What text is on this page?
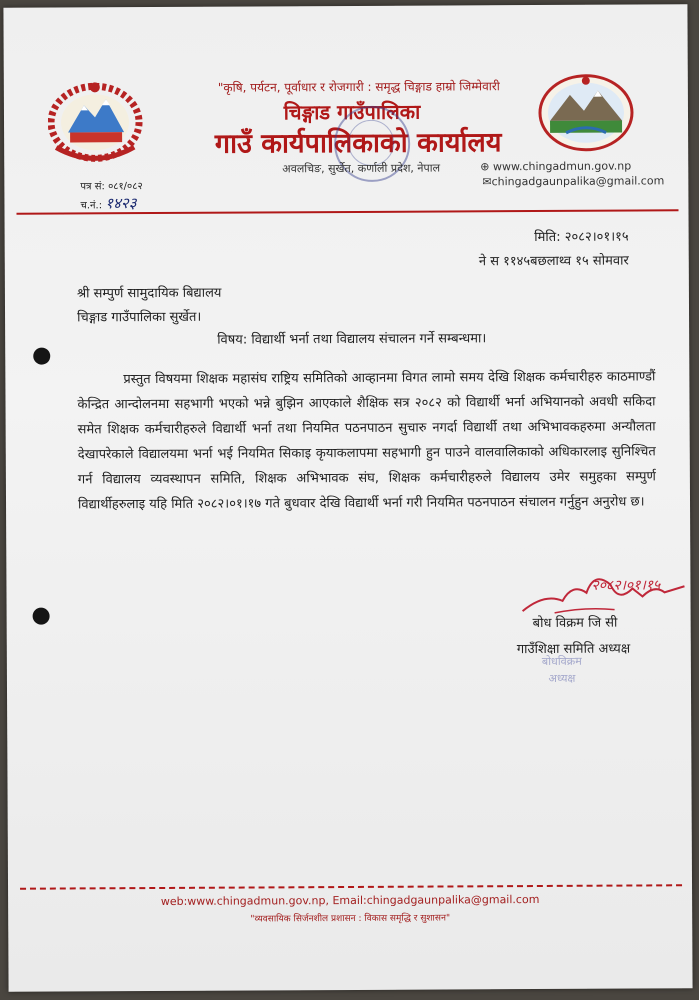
"कृषि, पर्यटन, पूर्वाधार र रोजगारी : समृद्ध चिङ्गाड हाम्रो जिम्मेवारी
चिङ्गाड गाउँपालिका
गाउँ कार्यपालिकाको कार्यालय
अवलचिङ, सुर्खेत, कर्णाली प्रदेश, नेपाल	⊕ www.chingadmun.gov.np
✉chingadgaunpalika@gmail.com
पत्र सं: ०८१/०८२
च.नं.: १४२३
मिति: २०८२।०१।१५
ने स ११४५बछलाथ्व १५ सोमवार
श्री सम्पुर्ण सामुदायिक बिद्यालय
चिङ्गाड गाउँपालिका सुर्खेत।
विषय: विद्यार्थी भर्ना तथा विद्यालय संचालन गर्ने सम्बन्धमा।
प्रस्तुत विषयमा शिक्षक महासंघ राष्ट्रिय समितिको आव्हानमा विगत लामो समय देखि शिक्षक कर्मचारीहरु काठमाण्डौं केन्द्रित आन्दोलनमा सहभागी भएको भन्ने बुझिन आएकाले शैक्षिक सत्र २०८२ को विद्यार्थी भर्ना अभियानको अवधी सकिदा समेत शिक्षक कर्मचारीहरुले विद्यार्थी भर्ना तथा नियमित पठनपाठन सुचारु नगर्दा विद्यार्थी तथा अभिभावकहरुमा अन्यौलता देखापरेकाले विद्यालयमा भर्ना भई नियमित सिकाइ कृयाकलापमा सहभागी हुन पाउने वालवालिकाको अधिकारलाइ सुनिश्चित गर्न विद्यालय व्यवस्थापन समिति, शिक्षक अभिभावक संघ, शिक्षक कर्मचारीहरुले विद्यालय उमेर समुहका सम्पुर्ण विद्यार्थीहरुलाइ यहि मिति २०८२।०१।१७ गते बुधवार देखि विद्यार्थी भर्ना गरी नियमित पठनपाठन संचालन गर्नुहुन अनुरोध छ।
२०८२।०१।१५
बोध विक्रम जि सी
गाउँशिक्षा समिति अध्यक्ष
बोधविक्रम
अध्यक्ष
web:www.chingadmun.gov.np, Email:chingadgaunpalika@gmail.com
"व्यवसायिक सिर्जनशील प्रशासन : विकास समृद्धि र सुशासन"
